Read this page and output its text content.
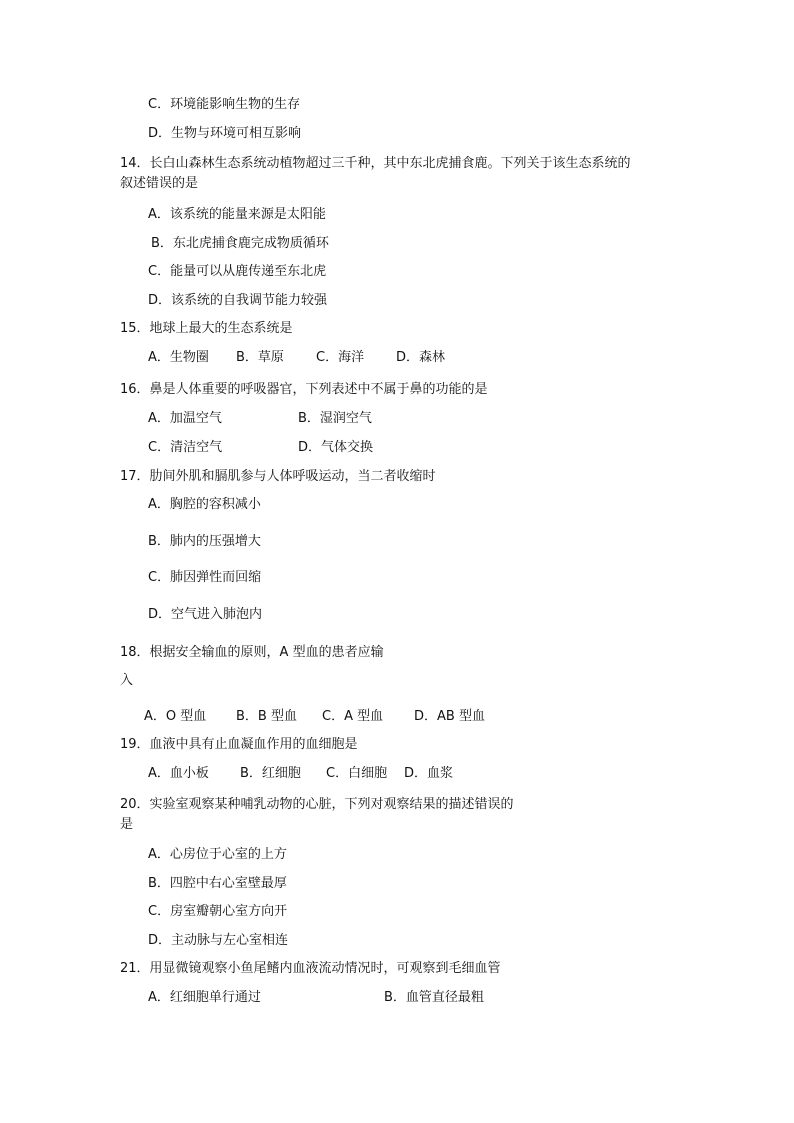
C．环境能影响生物的生存
D．生物与环境可相互影响
14．长白山森林生态系统动植物超过三千种，其中东北虎捕食鹿。下列关于该生态系统的
叙述错误的是
A．该系统的能量来源是太阳能
B．东北虎捕食鹿完成物质循环
C．能量可以从鹿传递至东北虎
D．该系统的自我调节能力较强
15．地球上最大的生态系统是
A．生物圈 B．草原 C．海洋 D．森林
16．鼻是人体重要的呼吸器官，下列表述中不属于鼻的功能的是
A．加温空气	B．湿润空气
C．清洁空气	D．气体交换
17．肋间外肌和膈肌参与人体呼吸运动，当二者收缩时
A．胸腔的容积减小
B．肺内的压强增大
C．肺因弹性而回缩
D．空气进入肺泡内
18．根据安全输血的原则，A 型血的患者应输
入
A．O 型血 B．B 型血 C．A 型血 D．AB 型血
19．血液中具有止血凝血作用的血细胞是
A．血小板 B．红细胞 C．白细胞 D．血浆
20．实验室观察某种哺乳动物的心脏，下列对观察结果的描述错误的
是
A．心房位于心室的上方
B．四腔中右心室壁最厚
C．房室瓣朝心室方向开
D．主动脉与左心室相连
21．用显微镜观察小鱼尾鳍内血液流动情况时，可观察到毛细血管
A．红细胞单行通过	B．血管直径最粗
